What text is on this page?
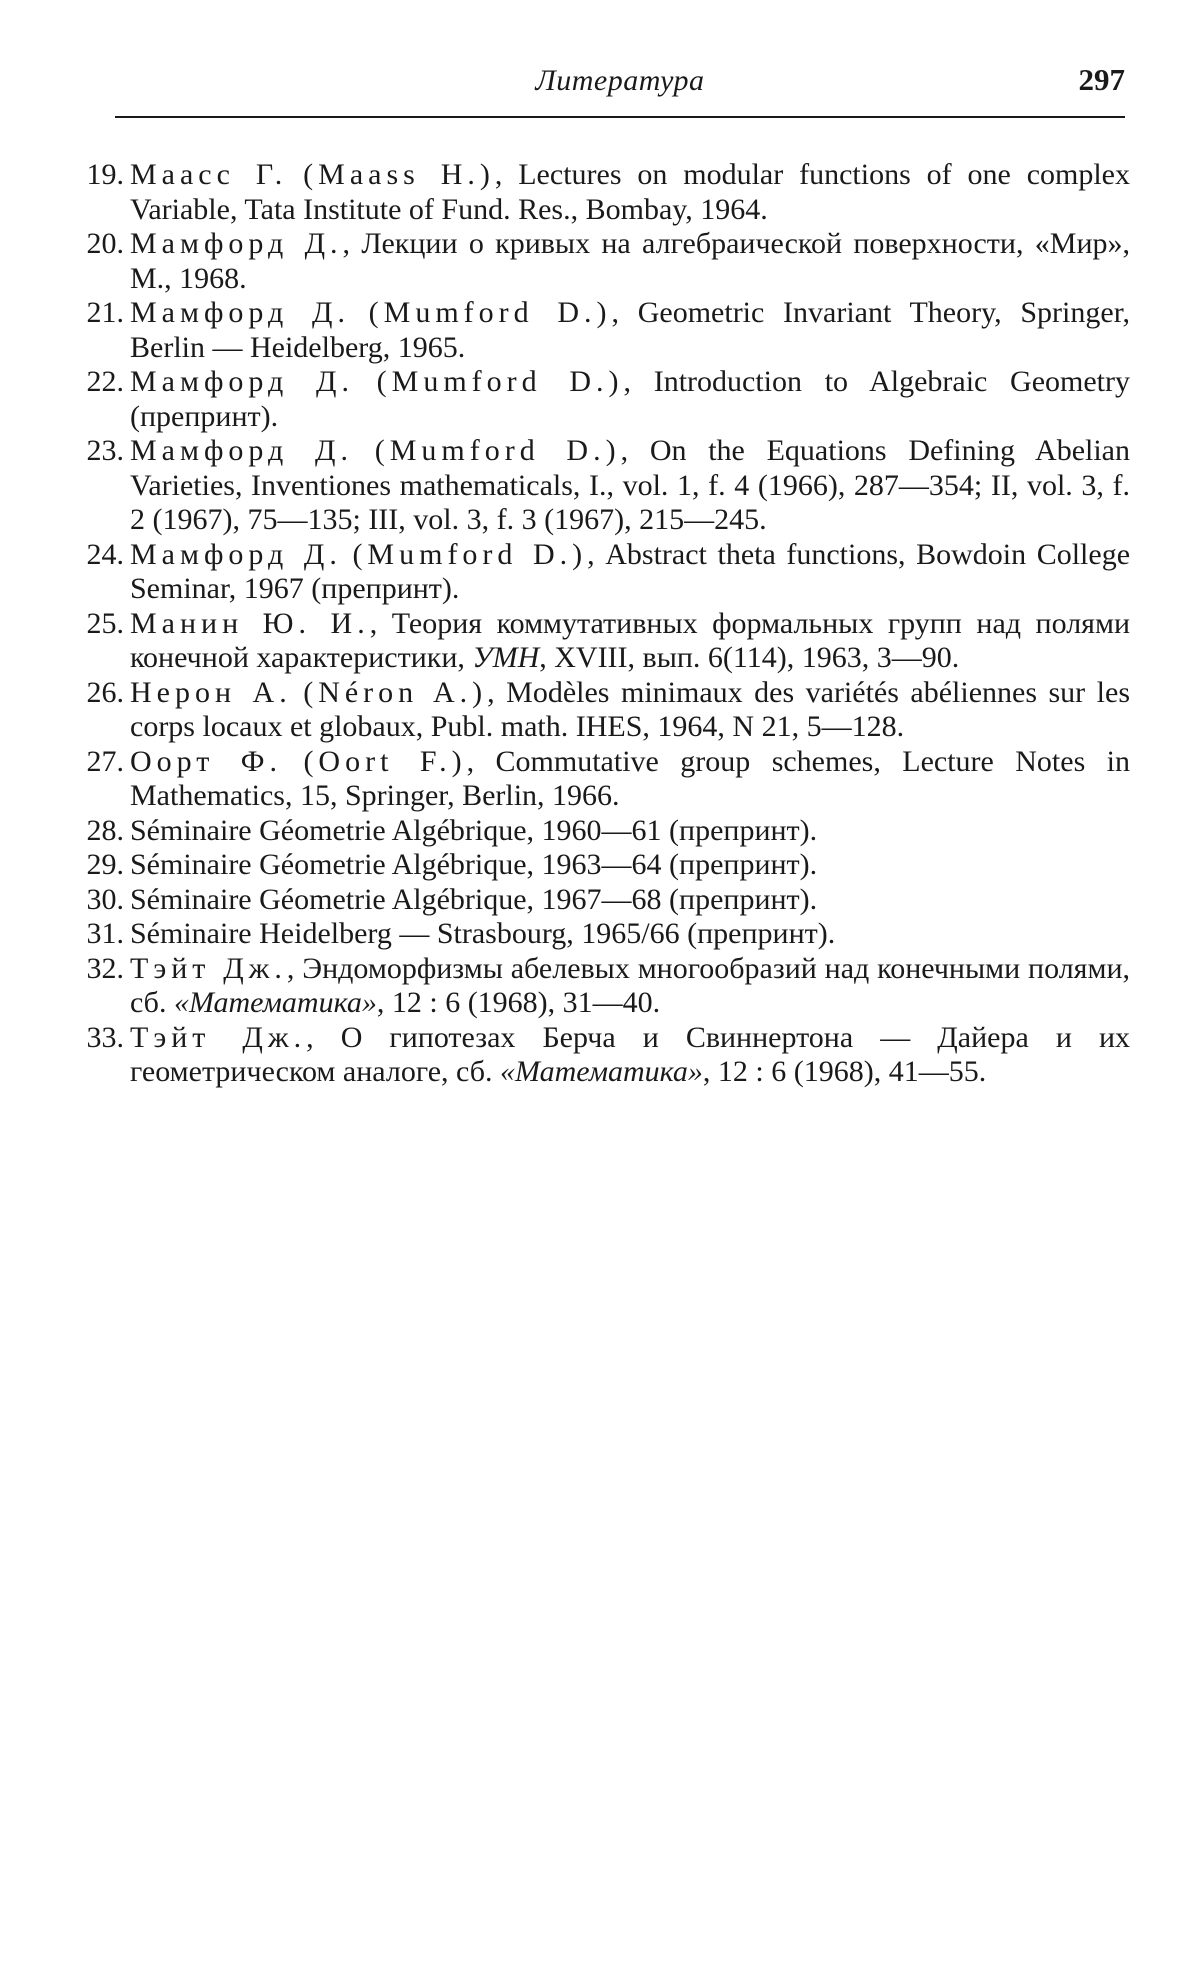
Литература	297
19. Маасс Г. (Maass H.), Lectures on modular functions of one complex Variable, Tata Institute of Fund. Res., Bombay, 1964.
20. Мамфорд Д., Лекции о кривых на алгебраической поверхности, «Мир», М., 1968.
21. Мамфорд Д. (Mumford D.), Geometric Invariant Theory, Springer, Berlin — Heidelberg, 1965.
22. Мамфорд Д. (Mumford D.), Introduction to Algebraic Geometry (препринт).
23. Мамфорд Д. (Mumford D.), On the Equations Defining Abelian Varieties, Inventiones mathematicals, I., vol. 1, f. 4 (1966), 287—354; II, vol. 3, f. 2 (1967), 75—135; III, vol. 3, f. 3 (1967), 215—245.
24. Мамфорд Д. (Mumford D.), Abstract theta functions, Bowdoin College Seminar, 1967 (препринт).
25. Манин Ю. И., Теория коммутативных формальных групп над полями конечной характеристики, УМН, XVIII, вып. 6(114), 1963, 3—90.
26. Нерон А. (Néron A.), Modèles minimaux des variétés abéliennes sur les corps locaux et globaux, Publ. math. IHES, 1964, N 21, 5—128.
27. Оорт Ф. (Oort F.), Commutative group schemes, Lecture Notes in Mathematics, 15, Springer, Berlin, 1966.
28. Séminaire Géometrie Algébrique, 1960—61 (препринт).
29. Séminaire Géometrie Algébrique, 1963—64 (препринт).
30. Séminaire Géometrie Algébrique, 1967—68 (препринт).
31. Séminaire Heidelberg — Strasbourg, 1965/66 (препринт).
32. Тэйт Дж., Эндоморфизмы абелевых многообразий над конечными полями, сб. «Математика», 12 : 6 (1968), 31—40.
33. Тэйт Дж., О гипотезах Берча и Свиннертона — Дайера и их геометрическом аналоге, сб. «Математика», 12 : 6 (1968), 41—55.
